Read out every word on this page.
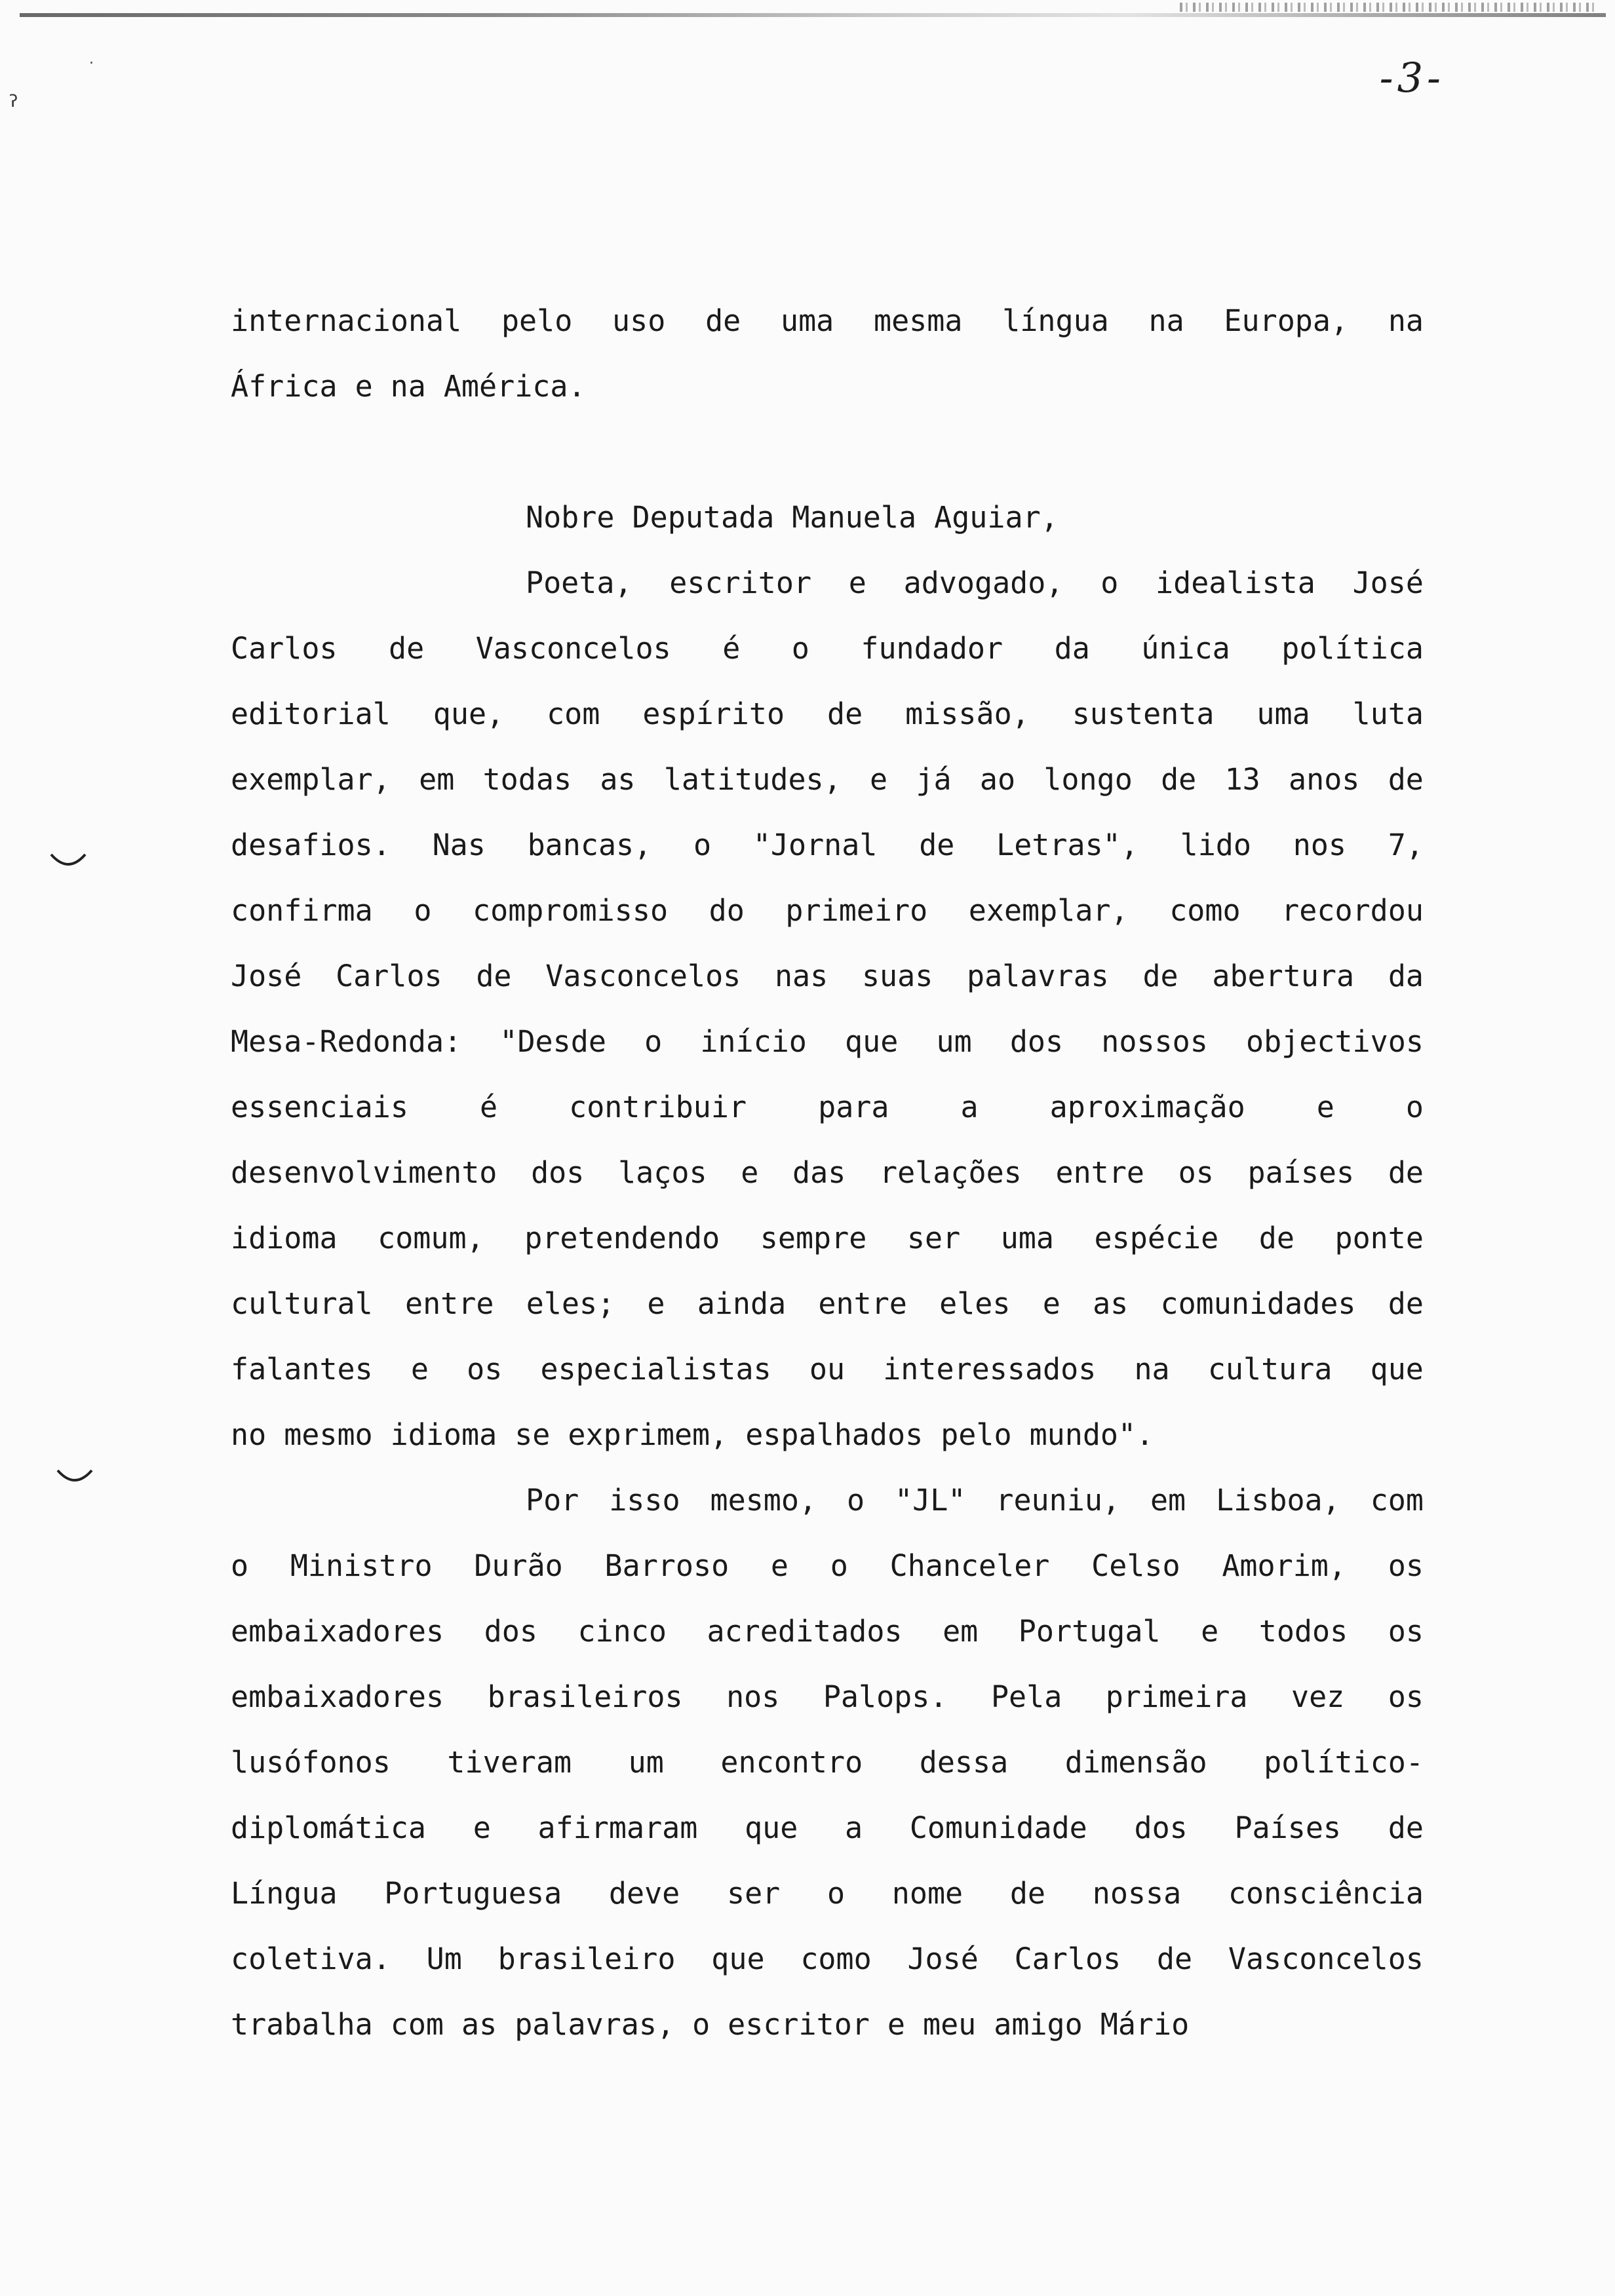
.
ʔ	-3-
internacional pelo uso de uma mesma língua na Europa, na
África e na América.
Nobre Deputada Manuela Aguiar,
Poeta, escritor e advogado, o idealista José
Carlos de Vasconcelos é o fundador da única política
editorial que, com espírito de missão, sustenta uma luta
exemplar, em todas as latitudes, e já ao longo de 13 anos de
desafios. Nas bancas, o "Jornal de Letras", lido nos 7,
confirma o compromisso do primeiro exemplar, como recordou
José Carlos de Vasconcelos nas suas palavras de abertura da
Mesa-Redonda: "Desde o início que um dos nossos objectivos
essenciais é contribuir para a aproximação e o
desenvolvimento dos laços e das relações entre os países de
idioma comum, pretendendo sempre ser uma espécie de ponte
cultural entre eles; e ainda entre eles e as comunidades de
falantes e os especialistas ou interessados na cultura que
no mesmo idioma se exprimem, espalhados pelo mundo".
Por isso mesmo, o "JL" reuniu, em Lisboa, com
o Ministro Durão Barroso e o Chanceler Celso Amorim, os
embaixadores dos cinco acreditados em Portugal e todos os
embaixadores brasileiros nos Palops. Pela primeira vez os
lusófonos tiveram um encontro dessa dimensão político-
diplomática e afirmaram que a Comunidade dos Países de
Língua Portuguesa deve ser o nome de nossa consciência
coletiva. Um brasileiro que como José Carlos de Vasconcelos
trabalha com as palavras, o escritor e meu amigo Mário
